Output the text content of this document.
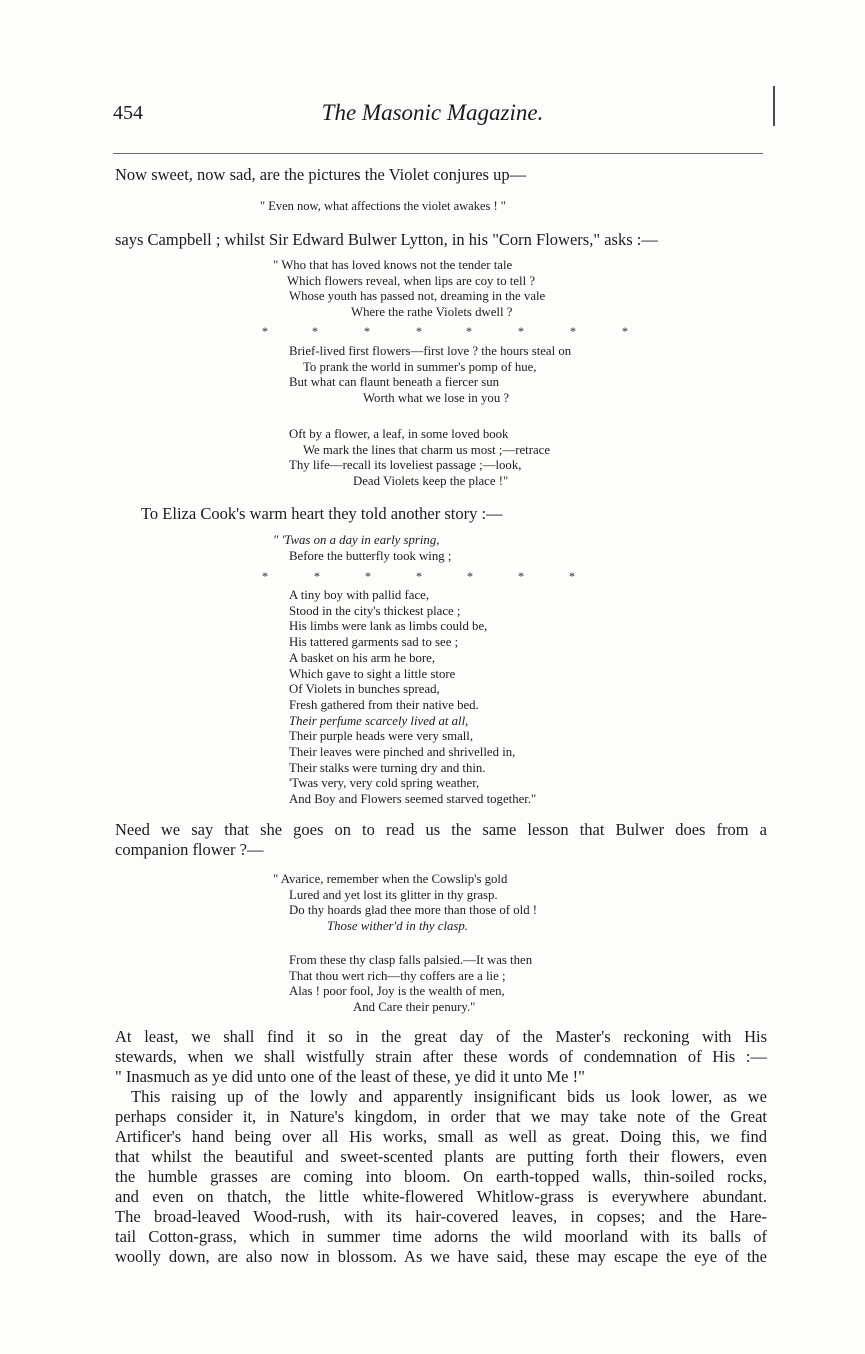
454	The Masonic Magazine.
Now sweet, now sad, are the pictures the Violet conjures up—
" Even now, what affections the violet awakes ! "
says Campbell ; whilst Sir Edward Bulwer Lytton, in his "Corn Flowers," asks :—
" Who that has loved knows not the tender tale
Which flowers reveal, when lips are coy to tell ?
Whose youth has passed not, dreaming in the vale
Where the rathe Violets dwell ?
*	*	*	*	*	*	*	*
Brief-lived first flowers—first love ? the hours steal on
To prank the world in summer's pomp of hue,
But what can flaunt beneath a fiercer sun
Worth what we lose in you ?
Oft by a flower, a leaf, in some loved book
We mark the lines that charm us most ;—retrace
Thy life—recall its loveliest passage ;—look,
Dead Violets keep the place !"
To Eliza Cook's warm heart they told another story :—
" 'Twas on a day in early spring,
Before the butterfly took wing ;
*	*	*	*	*	*	*
A tiny boy with pallid face,
Stood in the city's thickest place ;
His limbs were lank as limbs could be,
His tattered garments sad to see ;
A basket on his arm he bore,
Which gave to sight a little store
Of Violets in bunches spread,
Fresh gathered from their native bed.
Their perfume scarcely lived at all,
Their purple heads were very small,
Their leaves were pinched and shrivelled in,
Their stalks were turning dry and thin.
'Twas very, very cold spring weather,
And Boy and Flowers seemed starved together."
Need we say that she goes on to read us the same lesson that Bulwer does from a
companion flower ?—
" Avarice, remember when the Cowslip's gold
Lured and yet lost its glitter in thy grasp.
Do thy hoards glad thee more than those of old !
Those wither'd in thy clasp.
From these thy clasp falls palsied.—It was then
That thou wert rich—thy coffers are a lie ;
Alas ! poor fool, Joy is the wealth of men,
And Care their penury."
At least, we shall find it so in the great day of the Master's reckoning with His
stewards, when we shall wistfully strain after these words of condemnation of His :—
" Inasmuch as ye did unto one of the least of these, ye did it unto Me !"
This raising up of the lowly and apparently insignificant bids us look lower, as we
perhaps consider it, in Nature's kingdom, in order that we may take note of the Great
Artificer's hand being over all His works, small as well as great. Doing this, we find
that whilst the beautiful and sweet-scented plants are putting forth their flowers, even
the humble grasses are coming into bloom. On earth-topped walls, thin-soiled rocks,
and even on thatch, the little white-flowered Whitlow-grass is everywhere abundant.
The broad-leaved Wood-rush, with its hair-covered leaves, in copses; and the Hare-
tail Cotton-grass, which in summer time adorns the wild moorland with its balls of
woolly down, are also now in blossom. As we have said, these may escape the eye of the
